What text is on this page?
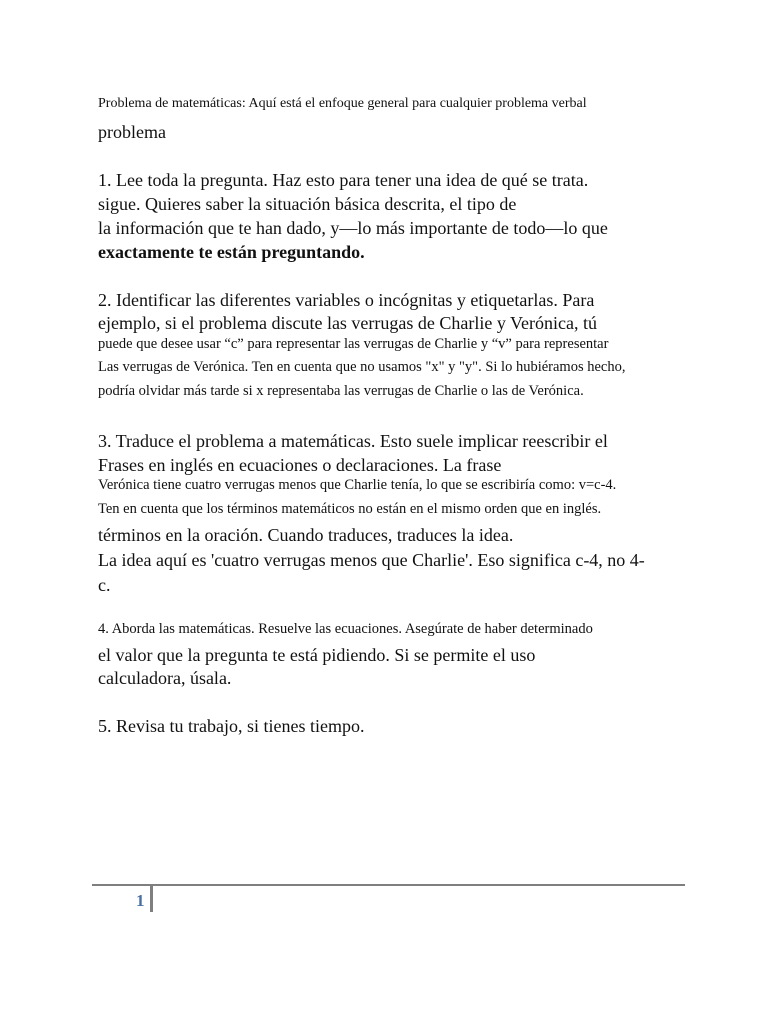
Problema de matemáticas: Aquí está el enfoque general para cualquier problema verbal
problema
1. Lee toda la pregunta. Haz esto para tener una idea de qué se trata.
sigue. Quieres saber la situación básica descrita, el tipo de
la información que te han dado, y—lo más importante de todo—lo que
exactamente te están preguntando.
2. Identificar las diferentes variables o incógnitas y etiquetarlas. Para
ejemplo, si el problema discute las verrugas de Charlie y Verónica, tú
puede que desee usar “c” para representar las verrugas de Charlie y “v” para representar
Las verrugas de Verónica. Ten en cuenta que no usamos "x" y "y". Si lo hubiéramos hecho,
podría olvidar más tarde si x representaba las verrugas de Charlie o las de Verónica.
3. Traduce el problema a matemáticas. Esto suele implicar reescribir el
Frases en inglés en ecuaciones o declaraciones. La frase
Verónica tiene cuatro verrugas menos que Charlie tenía, lo que se escribiría como: v=c-4.
Ten en cuenta que los términos matemáticos no están en el mismo orden que en inglés.
términos en la oración. Cuando traduces, traduces la idea.
La idea aquí es 'cuatro verrugas menos que Charlie'. Eso significa c-4, no 4-
c.
4. Aborda las matemáticas. Resuelve las ecuaciones. Asegúrate de haber determinado
el valor que la pregunta te está pidiendo. Si se permite el uso
calculadora, úsala.
5. Revisa tu trabajo, si tienes tiempo.
1
